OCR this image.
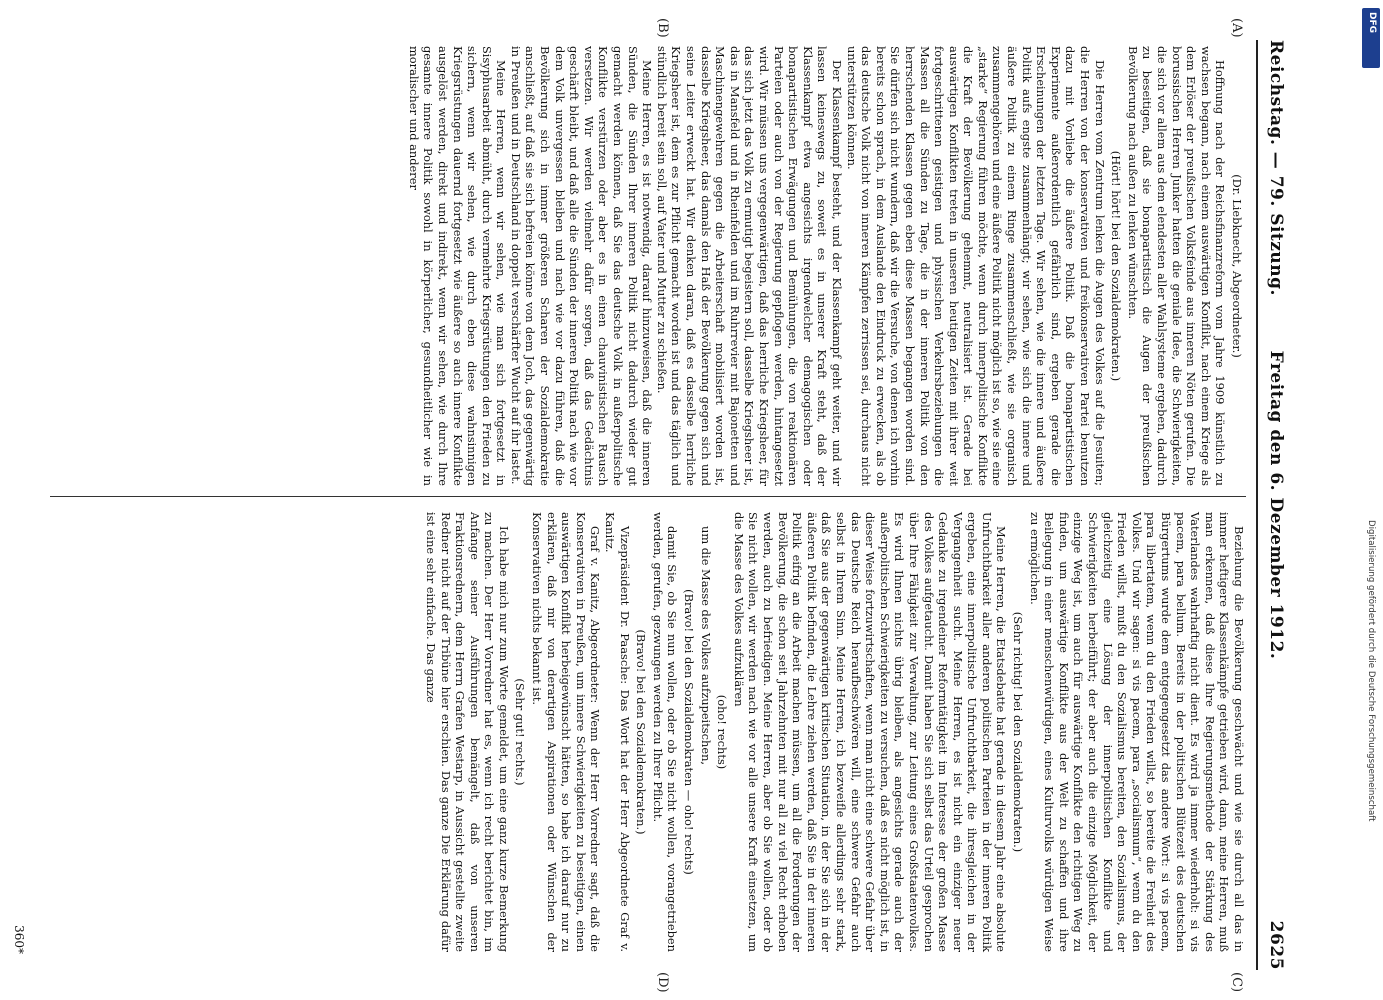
Reichstag. — 79. Sitzung.
Freitag den 6. Dezember 1912.
2625
(A)
(B)
(C)
(D)

(Dr. Liebknecht, Abgeordneter.)

Hoffnung nach der Reichsfinanzreform vom Jahre 1909 künstlich zu wachsen begann, nach einem auswärtigen Konflikt, nach einem Kriege als dem Erlöser der preußischen Volksfeinde aus inneren Nöten gerufen. Die borussischen Herren Junker hatten die geniale Idee, die Schwierigkeiten, die sich vor allem aus dem elendesten aller Wahlsysteme ergeben, dadurch zu beseitigen, daß sie bonapartistisch die Augen der preußischen Bevölkerung nach außen zu lenken wünschten.

(Hört! hört! bei den Sozialdemokraten.)

Die Herren vom Zentrum lenken die Augen des Volkes auf die Jesuiten; die Herren von der konservativen und freikonservativen Partei benutzen dazu mit Vorliebe die äußere Politik. Daß die bonapartistischen Experimente außerordentlich gefährlich sind, ergeben gerade die Erscheinungen der letzten Tage. Wir sehen, wie die innere und äußere Politik aufs engste zusammenhängt; wir sehen, wie sich die innere und äußere Politik zu einem Ringe zusammenschließt, wie sie organisch zusammengehören und eine äußere Politik nicht möglich ist so, wie sie eine „starke“ Regierung führen möchte, wenn durch innerpolitische Konflikte die Kraft der Bevölkerung gehemmt, neutralisiert ist. Gerade bei auswärtigen Konflikten treten in unseren heutigen Zeiten mit ihrer weit fortgeschrittenen geistigen und physischen Verkehrsbeziehungen die Massen all die Sünden zu Tage, die in der inneren Politik von den herrschenden Klassen gegen eben diese Massen begangen worden sind. Sie dürfen sich nicht wundern, daß wir die Versuche, von denen ich vorhin bereits schon sprach, in dem Auslande den Eindruck zu erwecken, als ob das deutsche Volk nicht von inneren Kämpfen zerrissen sei, durchaus nicht unterstützen können.

Der Klassenkampf besteht, und der Klassenkampf geht weiter, und wir lassen keineswegs zu, soweit es in unserer Kraft steht, daß der Klassenkampf etwa angesichts irgendwelcher demagogischen oder bonapartistischen Erwägungen und Bemühungen, die von reaktionären Parteien oder auch von der Regierung gepflogen werden, hintangesetzt wird. Wir müssen uns vergegenwärtigen, daß das herrliche Kriegsheer, für das sich jetzt das Volk zu ermutigt begeistern soll, dasselbe Kriegsheer ist, das in Mansfeld und in Rheinfelden und im Ruhrrevier mit Bajonetten und Maschinengewehren gegen die Arbeiterschaft mobilisiert worden ist, dasselbe Kriegsheer, das damals den Haß der Bevölkerung gegen sich und seine Leiter erweckt hat. Wir denken daran, daß es dasselbe herrliche Kriegsheer ist, dem es zur Pflicht gemacht worden ist und das täglich und stündlich bereit sein soll, auf Vater und Mutter zu schießen.

Meine Herren, es ist notwendig, darauf hinzuweisen, daß die inneren Sünden, die Sünden Ihrer inneren Politik nicht dadurch wieder gut gemacht werden können, daß Sie das deutsche Volk in außerpolitische Konflikte verstürzen oder aber es in einen chauvinistischen Rausch versetzen. Wir werden vielmehr dafür sorgen, daß das Gedächtnis geschärft bleibt, und daß alle die Sünden der inneren Politik nach wie vor dem Volk unvergessen bleiben und nach wie vor dazu führen, daß die Bevölkerung sich in immer größeren Scharen der Sozialdemokratie anschließt, auf daß sie sich befreien könne von dem Joch, das gegenwärtig in Preußen und in Deutschland in doppelt verschärfter Wucht auf ihr lastet.

Meine Herren, wenn wir sehen, wie man sich fortgesetzt in Sisyphusarbeit abmüht, durch vermehrte Kriegsrüstungen den Frieden zu sichern, wenn wir sehen, wie durch eben diese wahnsinnigen Kriegsrüstungen dauernd fortgesetzt wie äußere so auch innere Konflikte ausgelöst werden, direkt und indirekt, wenn wir sehen, wie durch Ihre gesamte innere Politik sowohl in körperlicher, gesundheitlicher wie in moralischer und anderer

Beziehung die Bevölkerung geschwächt und wie sie durch all das in immer heftigere Klassenkämpfe getrieben wird, dann, meine Herren, muß man erkennen, daß diese Ihre Regierungsmethode der Stärkung des Vaterlandes wahrhaftig nicht dient. Es wird ja immer wiederholt: si vis pacem, para bellum. Bereits in der politischen Blütezeit des deutschen Bürgertums wurde dem entgegengesetzt das andere Wort: si vis pacem, para libertatem, wenn du den Frieden willst, so bereite die Freiheit des Volkes. Und wir sagen: si vis pacem, para „socialismum“, wenn du den Frieden willst, mußt du den Sozialismus bereiten, den Sozialismus, der gleichzeitig eine Lösung der innerpolitischen Konflikte und Schwierigkeiten herbeiführt; der aber auch die einzige Möglichkeit, der einzige Weg ist, um auch für auswärtige Konflikte den richtigen Weg zu finden, um auswärtige Konflikte aus der Welt zu schaffen und ihre Beilegung in einer menschenwürdigen, eines Kulturvolks würdigen Weise zu ermöglichen.

(Sehr richtig! bei den Sozialdemokraten.)

Meine Herren, die Etatsdebatte hat gerade in diesem Jahr eine absolute Unfruchtbarkeit aller anderen politischen Parteien in der inneren Politik ergeben, eine innerpolitische Unfruchtbarkeit, die ihresgleichen in der Vergangenheit sucht. Meine Herren, es ist nicht ein einziger neuer Gedanke zu irgendeiner Reformtätigkeit im Interesse der großen Masse des Volkes aufgetaucht. Damit haben Sie sich selbst das Urteil gesprochen über Ihre Fähigkeit zur Verwaltung, zur Leitung eines Großstaatenvolkes. Es wird Ihnen nichts übrig bleiben, als angesichts gerade auch der außerpolitischen Schwierigkeiten zu versuchen, daß es nicht möglich ist, in dieser Weise fortzuwirtschaften, wenn man nicht eine schwere Gefahr über das Deutsche Reich heraufbeschwören will, eine schwere Gefahr auch selbst in Ihrem Sinn. Meine Herren, ich bezweifle allerdings sehr stark, daß Sie aus der gegenwärtigen kritischen Situation, in der Sie sich in der äußeren Politik befinden, die Lehre ziehen werden, daß Sie in der inneren Politik eifrig an die Arbeit machen müssen, um all die Forderungen der Bevölkerung, die schon seit Jahrzehnten mit nur all zu viel Recht erhoben werden, auch zu befriedigen. Meine Herren, aber ob Sie wollen, oder ob Sie nicht wollen, wir werden nach wie vor alle unsere Kraft einsetzen, um die Masse des Volkes aufzuklären

(oho! rechts)

um die Masse des Volkes aufzupeitschen,

(Bravo! bei den Sozialdemokraten — oho! rechts)

damit Sie, ob Sie nun wollen, oder ob Sie nicht wollen, vorangetrieben werden, gerufen, gezwungen werden zu Ihrer Pflicht.

(Bravo! bei den Sozialdemokraten.)

Vizepräsident Dr. Paasche: Das Wort hat der Herr Abgeordnete Graf v. Kanitz.

Graf v. Kanitz, Abgeordneter: Wenn der Herr Vorredner sagt, daß die Konservativen in Preußen, um innere Schwierigkeiten zu beseitigen, einen auswärtigen Konflikt herbeigewünscht hätten, so habe ich darauf nur zu erklären, daß mir von derartigen Aspirationen oder Wünschen der Konservativen nichts bekannt ist.

(Sehr gut! rechts.)

Ich habe mich nur zum Worte gemeldet, um eine ganz kurze Bemerkung zu machen. Der Herr Vorredner hat es, wenn ich recht berichtet bin, im Anfange seiner Ausführungen bemängelt, daß von unseren Fraktionsrednern, dem Herrn Grafen Westarp, in Aussicht gestellte zweite Redner nicht auf der Tribüne hier erschien. Das ganze Die Erklärung dafür ist eine sehr einfache. Das ganze

360*
DFG
Digitalisierung gefördert durch die Deutsche Forschungsgemeinschaft
